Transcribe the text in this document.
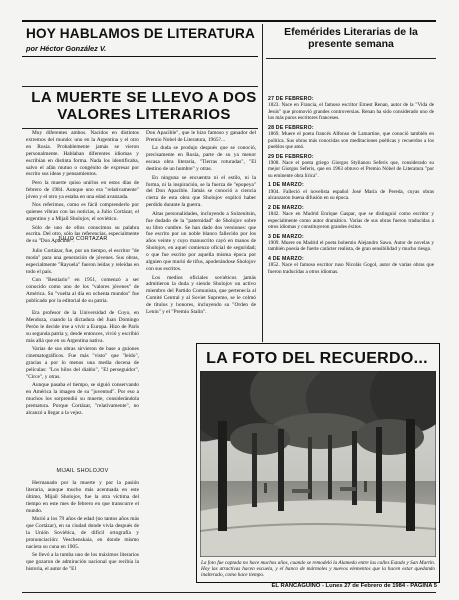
HOY HABLAMOS DE LITERATURA
por Héctor González V.
LA MUERTE SE LLEVO A DOS
VALORES LITERARIOS

Muy diferentes ambos. Nacidos en distintos extremos del mundo: uno en la Argentina y el otro en Rusia. Probablemente jamás se vieron personalmente. Hablaban diferentes idiomas y escribían en distinta forma. Nada los identificaba, salvo el afán mutuo o congénito de expresar por escrito sus ideas y pensamientos.

Pero la muerte quiso unirlos en estos días de febrero de 1984. Aunque uno era "relativamente" jóven y el otro ya estaba en una edad avanzada.

Nos referimos, como es fácil comprenderlo por quienes vibran con las noticias, a Julio Cortázar, el argentino y a Mijaíl Sholojov, el soviético.

Sólo de uno de ellos conocimos su palabra escrita. Del otro, sólo las referencias, especialmente de su "Don Apacible".

JULIO CORTAZAR

Julio Cortázar, fue, por un tiempo, el escritor "de moda" para una generación de jóvenes. Sus obras, especialmente "Rayuela" fueron leídas y releídas en todo el país.

Con "Bestiario" en 1951, comenzó a ser conocido como uno de los "valores jóvenes" de América. Su "vuelta al día en ochenta mundos" fue publicado por la editorial de su patria.

Era profesor de la Universidad de Cuyo, en Mendoza, cuando la dictadura del Juan Domingo Perón le decide irse a vivir a Europa. Hizo de París su segunda patria y, desde entonces, vivió y escribió más allá que en su Argentina nativa.

Varias de sus obras sirvieron de base a guiones cinematográficos. Fue más "visto" que "leído", gracias a por lo menos una media docena de películas: "Los hilos del diablo", "El perseguidor", "Circe", y otras.

Aunque pasaba el tiempo, se siguió conservando en América la imagen de su "juventud". Por eso a muchos los sorprendió su muerte, considerándola prematura. Porque Cortázar, "relativamente", no alcanzó a llegar a la vejez.

MIJAIL SHOLOJOV

Hermanado por la muerte y por la pasión literaria, aunque mucho más acentuada en este último, Mijaíl Sholojov, fue la otra víctima del tiempo en este mes de febrero en que transcurre el mundo.

Murió a los 79 años de edad (no tantos años más que Cortázar), en su ciudad donde vivía después de la Unión Soviética, de difícil ortografía y pronunciación: Veschenskaia, en donde mismo naciera su cuna en 1905.

Se llevó a la tumba uno de los máximos literarios que gozaron de admiración nacional que recibía la historia, el autor de "El

Don Apacible", que le hizo famoso y ganador del Premio Nobel de Literatura, 1965?...

La duda se produjo después que se conoció, precisamente en Rusia, parte de su ya menor escasa obra literaria, "Tierras roturadas", "El destino de un hombre" y otras.

En ninguna se encuentra ni el estilo, ni la forma, ni la inspiración, se la fuerza de "epopeya" del Don Apacible. Jamás se conoció a ciencia cierta de esta obra que Sholojov explicó haber perdido durante la guerra.

Altas personalidades, incluyendo a Solzenitsin, fue dudado de la "paternidad" de Sholojov sobre su libro cumbre. Se han dado dos versiones: que fue escrito por un noble blanco fallecido por los años veinte y cuyo manuscrito cayó en manos de Sholojov, en aquel comienzo oficial de seguridad; o que fue escrito por aquella misma época por alguien que murió de tifus, apoderándose Sholojov con sus escritos.

Los medios oficiales soviéticos jamás admitieron la duda y siendo Sholojov un activo miembro del Partido Comunista, que pertenecía al Comité Central y al Soviet Supremo, se le colmó de títulos y honores, incluyendo su "Orden de Lenin" y el "Premio Stalin".

Efemérides Literarias de la
presente semana
27 DE FEBRERO:
1823. Nace en Francia, el famoso escritor Ernest Renan, autor de la "Vida de Jesús" que promovió grandes controversias. Renan ha sido considerado uno de los más puros escritores franceses.
28 DE FEBRERO:
1869. Muere el poeta francés Alfonso de Lamartine, que conoció también en política. Sus obras más conocidas son meditaciones poéticas y recuerdos a los pueblos que amó.
29 DE FEBRERO:
1908. Nace el poeta griego Giorgos Stylianou Seferis que, considerado su mejor Giorgos Seferis, que en 1963 obtuvo el Premio Nóbel de Literatura "por su eminente obra lírica".
1 DE MARZO:
1904. Falleció el novelista español José María de Pereda, cuyas obras alcanzaron buena difusión en su época.
2 DE MARZO:
1842. Nace en Madrid Enrique Gaspar, que se distinguió como escritor y especialmente como autor dramático. Varias de sus obras fueron traducidas a otros idiomas y constituyeron grandes éxitos.
3 DE MARZO:
1909. Muere en Madrid el poeta bohemio Alejandro Sawa. Autor de novelas y también poesía de fuerte carácter realista, de gran sensibilidad y mucho riesgo.
4 DE MARZO:
1852. Nace el famoso escritor ruso Nicolás Gogol, autor de varias obras que fueron traducidas a otros idiomas.
LA FOTO DEL RECUERDO...
La foto fue captada no hace muchos años, cuando se remodeló la Alameda entre las calles Estado y San Martín. Hoy las atractivas hacen escuela, y el banco de mármoles y nuevos elementos que la hacen estar quedando inalterado, como hace tiempo.
EL RANCAGÜINO - Lunes 27 de Febrero de 1984 - PAGINA 5
